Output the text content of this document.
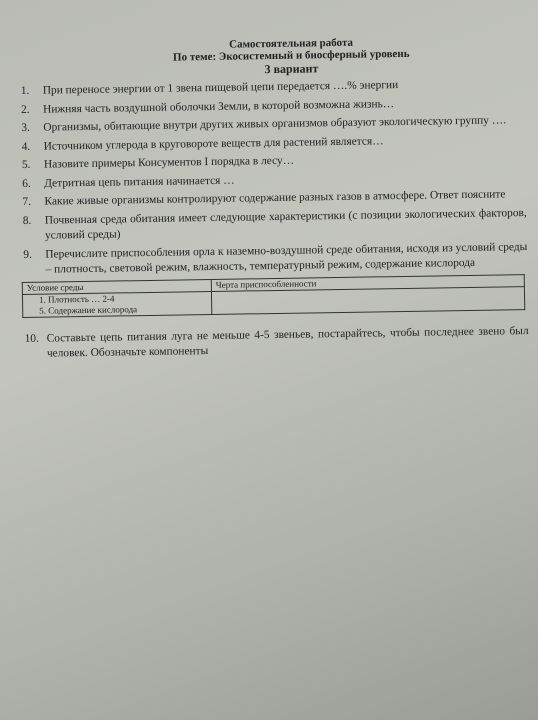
Самостоятельная работа
По теме: Экосистемный и биосферный уровень
3 вариант
1.	При переносе энергии от 1 звена пищевой цепи передается ….% энергии
2.	Нижняя часть воздушной оболочки Земли, в которой возможна жизнь…
3.	Организмы, обитающие внутри других живых организмов образуют экологическую группу ….
4.	Источником углерода в круговороте веществ для растений является…
5.	Назовите примеры Консументов I порядка в лесу…
6.	Детритная цепь питания начинается …
7.	Какие живые организмы контролируют содержание разных газов в атмосфере. Ответ поясните
8.	Почвенная среда обитания имеет следующие характеристики (с позиции экологических факторов, условий среды)
9.	Перечислите приспособления орла к наземно-воздушной среде обитания, исходя из условий среды – плотность, световой режим, влажность, температурный режим, содержание кислорода
Условие среды	Черта приспособленности

1. Плотность … 2-4
5. Содержание кислорода	

10. Составьте цепь питания луга не меньше 4-5 звеньев, постарайтесь, чтобы последнее звено был человек. Обозначьте компоненты
